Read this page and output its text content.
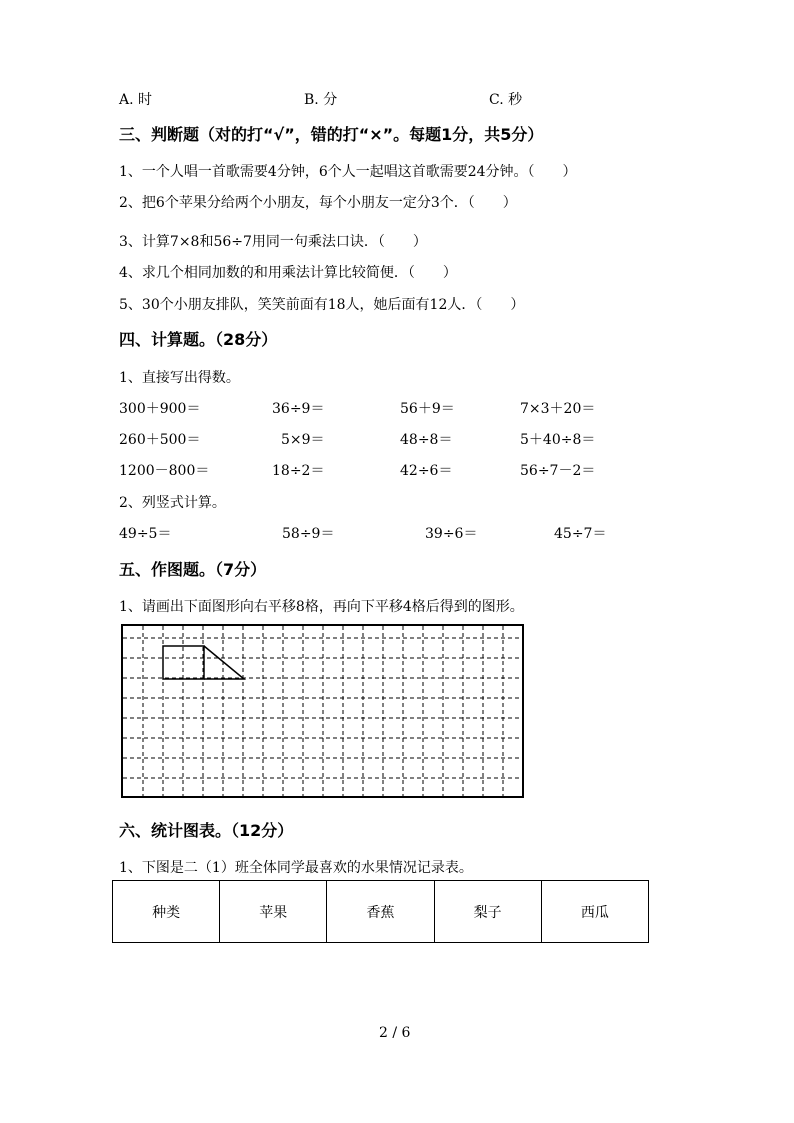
A. 时	B. 分	C. 秒
三、判断题（对的打“√”，错的打“×”。每题1分，共5分）
1、一个人唱一首歌需要4分钟，6个人一起唱这首歌需要24分钟。（　　）
2、把6个苹果分给两个小朋友，每个小朋友一定分3个．（　　）
3、计算7×8和56÷7用同一句乘法口诀．（　　）
4、求几个相同加数的和用乘法计算比较简便．（　　）
5、30个小朋友排队，笑笑前面有18人，她后面有12人．（　　）
四、计算题。（28分）
1、直接写出得数。
300＋900＝	36÷9＝	56＋9＝	7×3＋20＝
260＋500＝	5×9＝	48÷8＝	5＋40÷8＝
1200－800＝	18÷2＝	42÷6＝	56÷7－2＝
2、列竖式计算。
49÷5＝	58÷9＝	39÷6＝	45÷7＝
五、作图题。（7分）
1、请画出下面图形向右平移8格，再向下平移4格后得到的图形。
六、统计图表。（12分）
1、下图是二（1）班全体同学最喜欢的水果情况记录表。
种类	苹果	香蕉	梨子	西瓜
2 / 6
